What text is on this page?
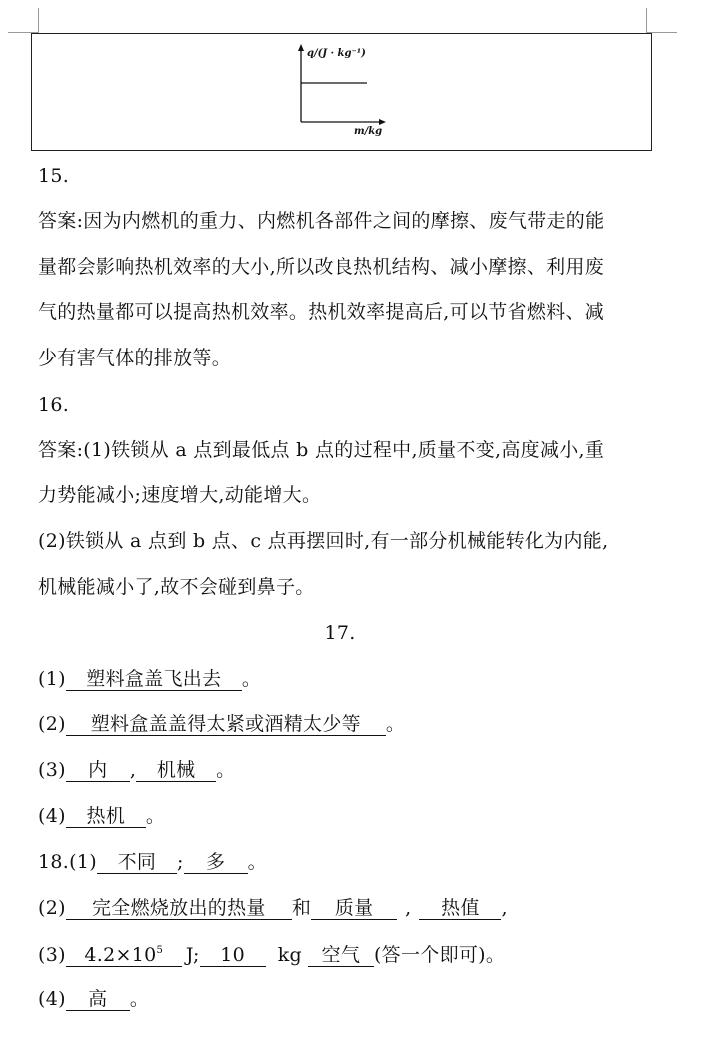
q/(J · kg⁻¹)
m/kg
15.
答案:因为内燃机的重力、内燃机各部件之间的摩擦、废气带走的能
量都会影响热机效率的大小,所以改良热机结构、减小摩擦、利用废
气的热量都可以提高热机效率。热机效率提高后,可以节省燃料、减
少有害气体的排放等。
16.
答案:(1)铁锁从 a 点到最低点 b 点的过程中,质量不变,高度减小,重
力势能减小;速度增大,动能增大。
(2)铁锁从 a 点到 b 点、c 点再摆回时,有一部分机械能转化为内能,
机械能减小了,故不会碰到鼻子。
17.
(1) 塑料盒盖飞出去 。
(2) 塑料盒盖盖得太紧或酒精太少等 。
(3) 内 , 机械 。
(4) 热机 。
18.(1) 不同 ; 多 。
(2) 完全燃烧放出的热量 和 质量 , 热值 ,
(3) $4.2\times 10^5$ J; 10 kg 空气 (答一个即可)。
(4) 高 。
